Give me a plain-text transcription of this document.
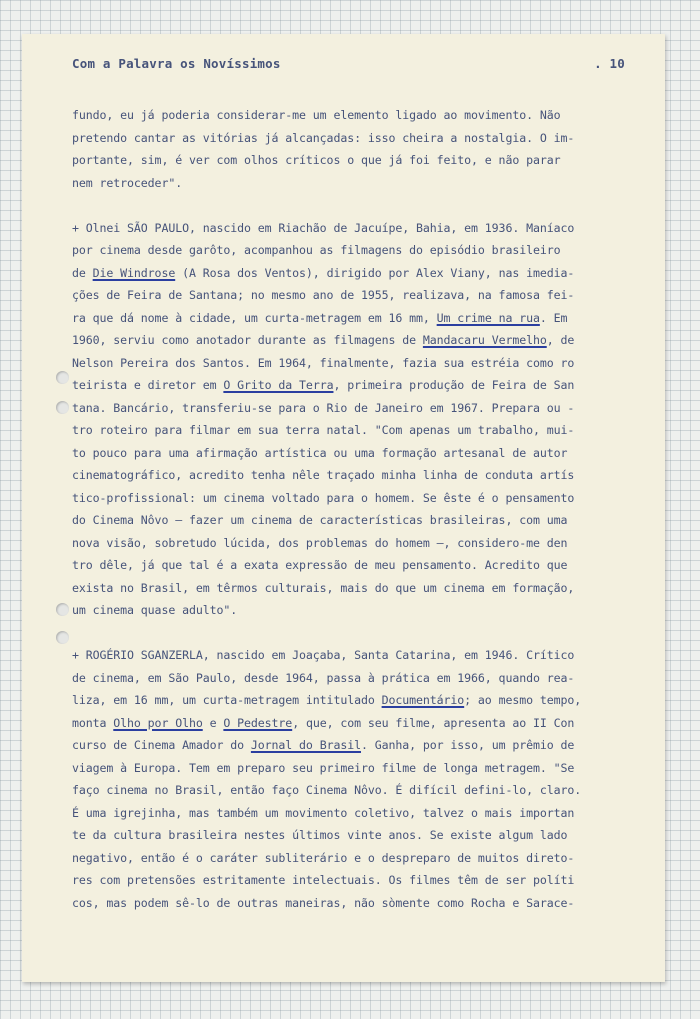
Com a Palavra os Novíssimos	. 10
fundo, eu já poderia considerar-me um elemento ligado ao movimento. Não
pretendo cantar as vitórias já alcançadas: isso cheira a nostalgia. O im-
portante, sim, é ver com olhos críticos o que já foi feito, e não parar
nem retroceder".
+ Olnei SÃO PAULO, nascido em Riachão de Jacuípe, Bahia, em 1936. Maníaco
por cinema desde garôto, acompanhou as filmagens do episódio brasileiro
de Die Windrose (A Rosa dos Ventos), dirigido por Alex Viany, nas imedia-
ções de Feira de Santana; no mesmo ano de 1955, realizava, na famosa fei-
ra que dá nome à cidade, um curta-metragem em 16 mm, Um crime na rua. Em
1960, serviu como anotador durante as filmagens de Mandacaru Vermelho, de
Nelson Pereira dos Santos. Em 1964, finalmente, fazia sua estréia como ro
teirista e diretor em O Grito da Terra, primeira produção de Feira de San
tana. Bancário, transferiu-se para o Rio de Janeiro em 1967. Prepara ou -
tro roteiro para filmar em sua terra natal. "Com apenas um trabalho, mui-
to pouco para uma afirmação artística ou uma formação artesanal de autor
cinematográfico, acredito tenha nêle traçado minha linha de conduta artís
tico-profissional: um cinema voltado para o homem. Se êste é o pensamento
do Cinema Nôvo — fazer um cinema de características brasileiras, com uma
nova visão, sobretudo lúcida, dos problemas do homem —, considero-me den
tro dêle, já que tal é a exata expressão de meu pensamento. Acredito que
exista no Brasil, em têrmos culturais, mais do que um cinema em formação,
um cinema quase adulto".
+ ROGÉRIO SGANZERLA, nascido em Joaçaba, Santa Catarina, em 1946. Crítico
de cinema, em São Paulo, desde 1964, passa à prática em 1966, quando rea-
liza, em 16 mm, um curta-metragem intitulado Documentário; ao mesmo tempo,
monta Olho por Olho e O Pedestre, que, com seu filme, apresenta ao II Con
curso de Cinema Amador do Jornal do Brasil. Ganha, por isso, um prêmio de
viagem à Europa. Tem em preparo seu primeiro filme de longa metragem. "Se
faço cinema no Brasil, então faço Cinema Nôvo. É difícil defini-lo, claro.
É uma igrejinha, mas também um movimento coletivo, talvez o mais importan
te da cultura brasileira nestes últimos vinte anos. Se existe algum lado
negativo, então é o caráter subliterário e o despreparo de muitos direto-
res com pretensões estritamente intelectuais. Os filmes têm de ser políti
cos, mas podem sê-lo de outras maneiras, não sòmente como Rocha e Sarace-
